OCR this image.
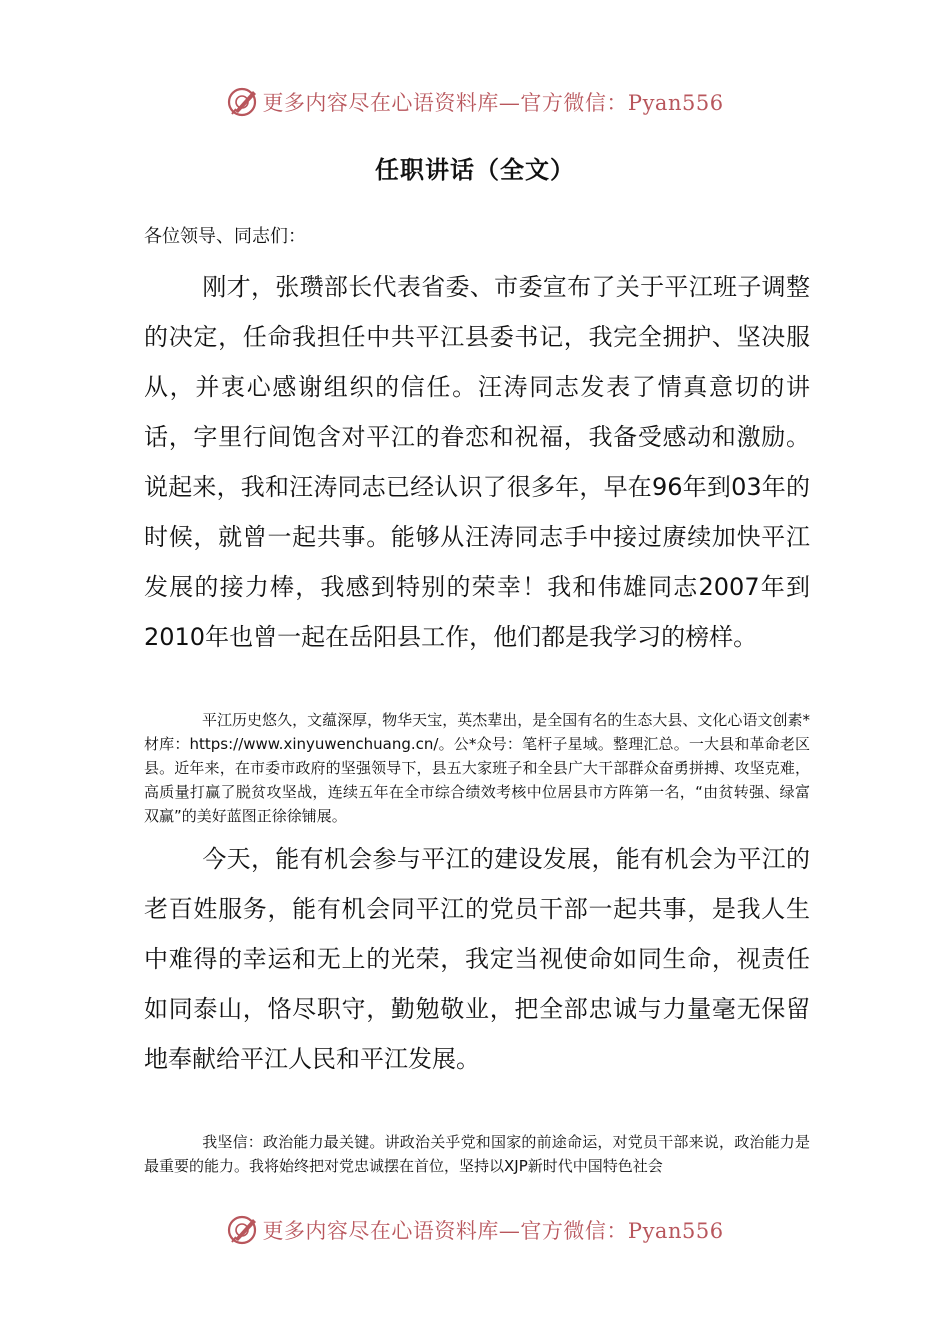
更多内容尽在心语资料库—官方微信：Pyan556
任职讲话（全文）
各位领导、同志们：
刚才，张瓒部长代表省委、市委宣布了关于平江班子调整的决定，任命我担任中共平江县委书记，我完全拥护、坚决服从，并衷心感谢组织的信任。汪涛同志发表了情真意切的讲话，字里行间饱含对平江的眷恋和祝福，我备受感动和激励。说起来，我和汪涛同志已经认识了很多年，早在96年到03年的时候，就曾一起共事。能够从汪涛同志手中接过赓续加快平江发展的接力棒，我感到特别的荣幸！我和伟雄同志2007年到2010年也曾一起在岳阳县工作，他们都是我学习的榜样。
平江历史悠久，文蕴深厚，物华天宝，英杰辈出，是全国有名的生态大县、文化心语文创素*材库：https://www.xinyuwenchuang.cn/。公*众号：笔杆子星域。整理汇总。一大县和革命老区县。近年来，在市委市政府的坚强领导下，县五大家班子和全县广大干部群众奋勇拼搏、攻坚克难，高质量打赢了脱贫攻坚战，连续五年在全市综合绩效考核中位居县市方阵第一名，“由贫转强、绿富双赢”的美好蓝图正徐徐铺展。
今天，能有机会参与平江的建设发展，能有机会为平江的老百姓服务，能有机会同平江的党员干部一起共事，是我人生中难得的幸运和无上的光荣，我定当视使命如同生命，视责任如同泰山，恪尽职守，勤勉敬业，把全部忠诚与力量毫无保留地奉献给平江人民和平江发展。
我坚信：政治能力最关键。讲政治关乎党和国家的前途命运，对党员干部来说，政治能力是最重要的能力。我将始终把对党忠诚摆在首位，坚持以XJP新时代中国特色社会
更多内容尽在心语资料库—官方微信：Pyan556
